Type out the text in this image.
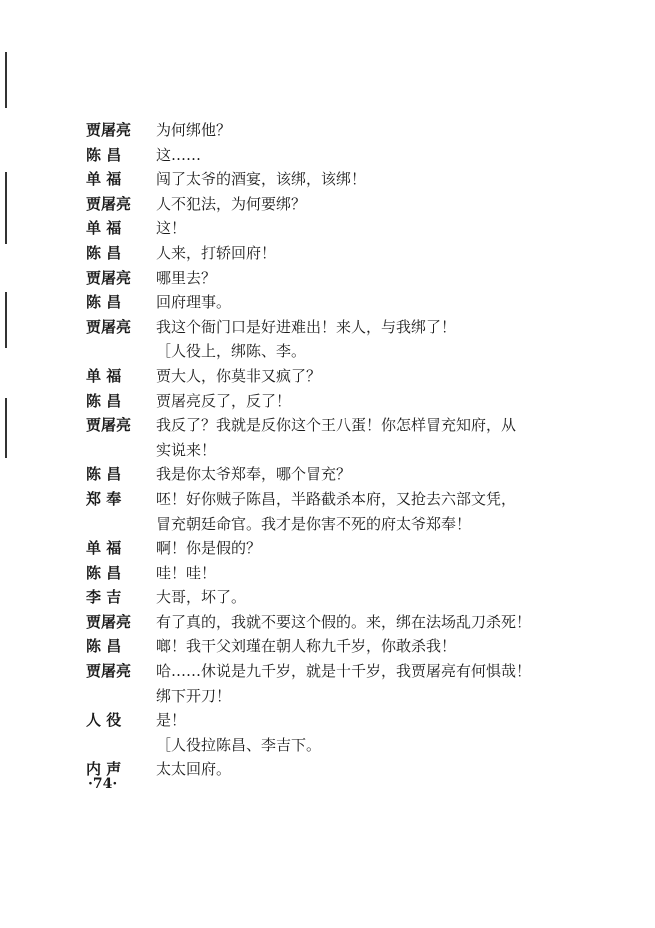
贾屠亮	为何绑他？
陈 昌	这……
单 福	闯了太爷的酒宴，该绑，该绑！
贾屠亮	人不犯法，为何要绑？
单 福	这！
陈 昌	人来，打轿回府！
贾屠亮	哪里去？
陈 昌	回府理事。
贾屠亮	我这个衙门口是好进难出！来人，与我绑了！
［人役上，绑陈、李。
单 福	贾大人，你莫非又疯了？
陈 昌	贾屠亮反了，反了！
贾屠亮	我反了？我就是反你这个王八蛋！你怎样冒充知府，从
实说来！
陈 昌	我是你太爷郑奉，哪个冒充？
郑 奉	呸！好你贼子陈昌，半路截杀本府，又抢去六部文凭，
冒充朝廷命官。我才是你害不死的府太爷郑奉！
单 福	啊！你是假的？
陈 昌	哇！哇！
李 吉	大哥，坏了。
贾屠亮	有了真的，我就不要这个假的。来，绑在法场乱刀杀死！
陈 昌	啷！我干父刘瑾在朝人称九千岁，你敢杀我！
贾屠亮	哈……休说是九千岁，就是十千岁，我贾屠亮有何惧哉！
绑下开刀！
人 役	是！
［人役拉陈昌、李吉下。
内 声	太太回府。
·74·
